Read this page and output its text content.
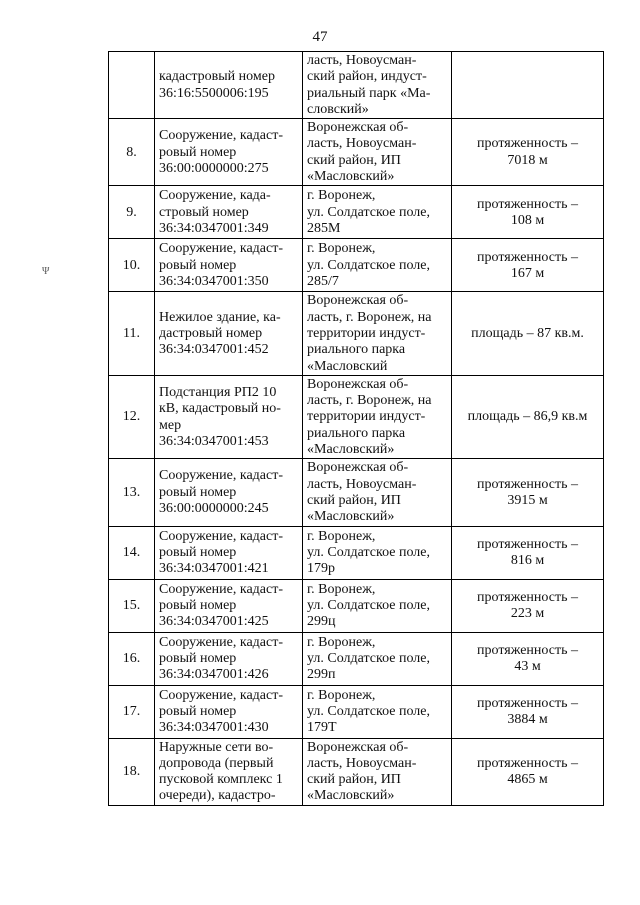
47
Ψ

	кадастровый номер
36:16:5500006:195	ласть, Новоусман-
ский район, индуст-
риальный парк «Ма-
словский»	

8.	Сооружение, кадаст-
ровый номер
36:00:0000000:275	Воронежская об-
ласть, Новоусман-
ский район, ИП
«Масловский»	протяженность –
7018 м

9.	Сооружение, када-
стровый номер
36:34:0347001:349	г. Воронеж,
ул. Солдатское поле,
285М	протяженность –
108 м

10.	Сооружение, кадаст-
ровый номер
36:34:0347001:350	г. Воронеж,
ул. Солдатское поле,
285/7	протяженность –
167 м

11.	Нежилое здание, ка-
дастровый номер
36:34:0347001:452	Воронежская об-
ласть, г. Воронеж, на
территории индуст-
риального парка
«Масловский	площадь – 87 кв.м.

12.	Подстанция РП2 10
кВ, кадастровый но-
мер
36:34:0347001:453	Воронежская об-
ласть, г. Воронеж, на
территории индуст-
риального парка
«Масловский»	площадь – 86,9 кв.м

13.	Сооружение, кадаст-
ровый номер
36:00:0000000:245	Воронежская об-
ласть, Новоусман-
ский район, ИП
«Масловский»	протяженность –
3915 м

14.	Сооружение, кадаст-
ровый номер
36:34:0347001:421	г. Воронеж,
ул. Солдатское поле,
179р	протяженность –
816 м

15.	Сооружение, кадаст-
ровый номер
36:34:0347001:425	г. Воронеж,
ул. Солдатское поле,
299ц	протяженность –
223 м

16.	Сооружение, кадаст-
ровый номер
36:34:0347001:426	г. Воронеж,
ул. Солдатское поле,
299п	протяженность –
43 м

17.	Сооружение, кадаст-
ровый номер
36:34:0347001:430	г. Воронеж,
ул. Солдатское поле,
179Т	протяженность –
3884 м

18.	Наружные сети во-
допровода (первый
пусковой комплекс 1
очереди), кадастро-	Воронежская об-
ласть, Новоусман-
ский район, ИП
«Масловский»	протяженность –
4865 м
